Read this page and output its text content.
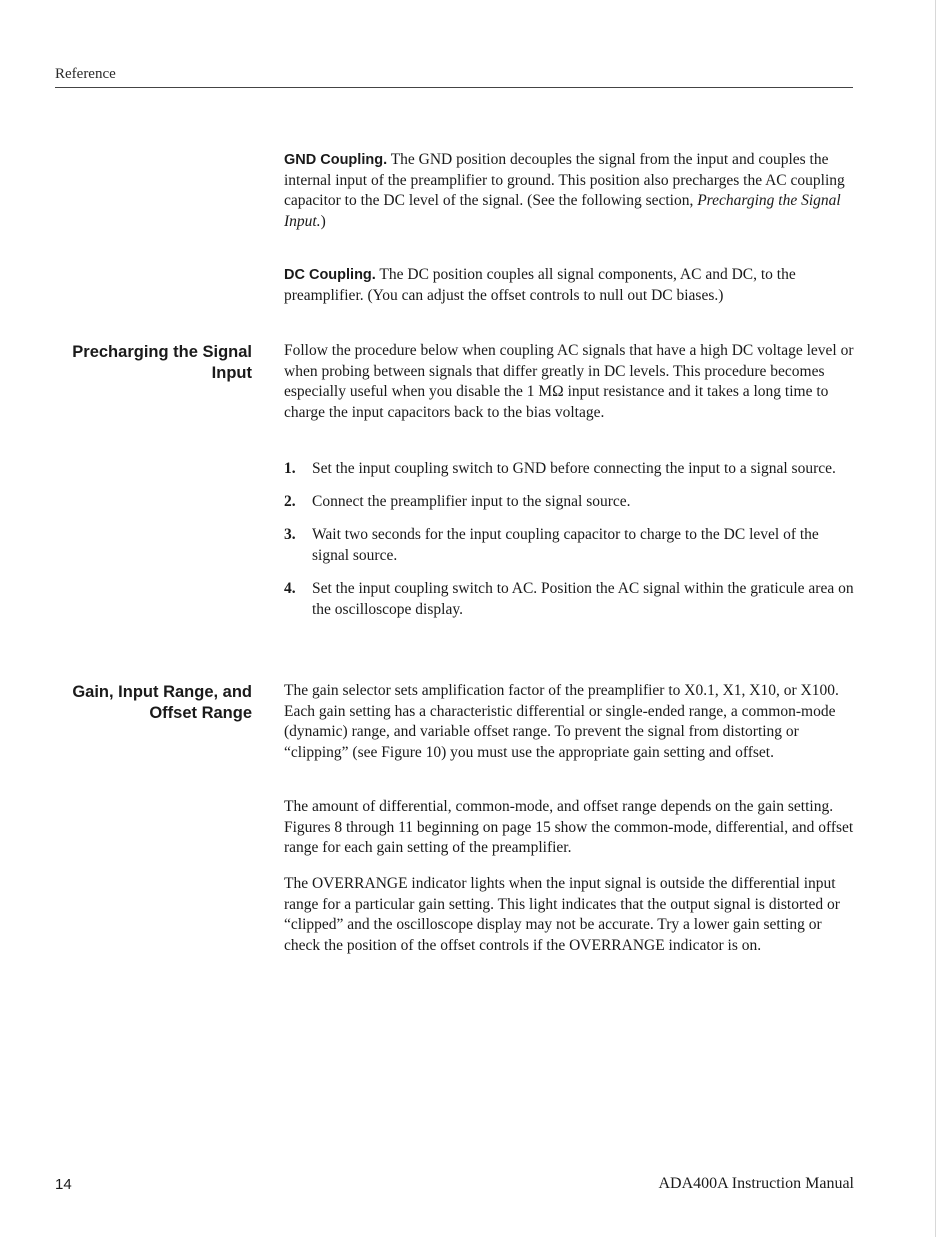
Reference

GND Coupling. The GND position decouples the signal from the input and couples the internal input of the preamplifier to ground. This position also precharges the AC coupling capacitor to the DC level of the signal. (See the following section, Precharging the Signal Input.)

DC Coupling. The DC position couples all signal components, AC and DC, to the preamplifier. (You can adjust the offset controls to null out DC biases.)

Precharging the Signal
Input

Follow the procedure below when coupling AC signals that have a high DC voltage level or when probing between signals that differ greatly in DC levels. This procedure becomes especially useful when you disable the 1 MΩ input resistance and it takes a long time to charge the input capacitors back to the bias voltage.

1. Set the input coupling switch to GND before connecting the input to a signal source.
2. Connect the preamplifier input to the signal source.
3. Wait two seconds for the input coupling capacitor to charge to the DC level of the signal source.
4. Set the input coupling switch to AC. Position the AC signal within the graticule area on the oscilloscope display.
Gain, Input Range, and
Offset Range

The gain selector sets amplification factor of the preamplifier to X0.1, X1, X10, or X100. Each gain setting has a characteristic differential or single-ended range, a common-mode (dynamic) range, and variable offset range. To prevent the signal from distorting or “clipping” (see Figure 10) you must use the appropriate gain setting and offset.

The amount of differential, common-mode, and offset range depends on the gain setting. Figures 8 through 11 beginning on page 15 show the common-mode, differential, and offset range for each gain setting of the preamplifier.

The OVERRANGE indicator lights when the input signal is outside the differential input range for a particular gain setting. This light indicates that the output signal is distorted or “clipped” and the oscilloscope display may not be accurate. Try a lower gain setting or check the position of the offset controls if the OVERRANGE indicator is on.

14	ADA400A Instruction Manual
